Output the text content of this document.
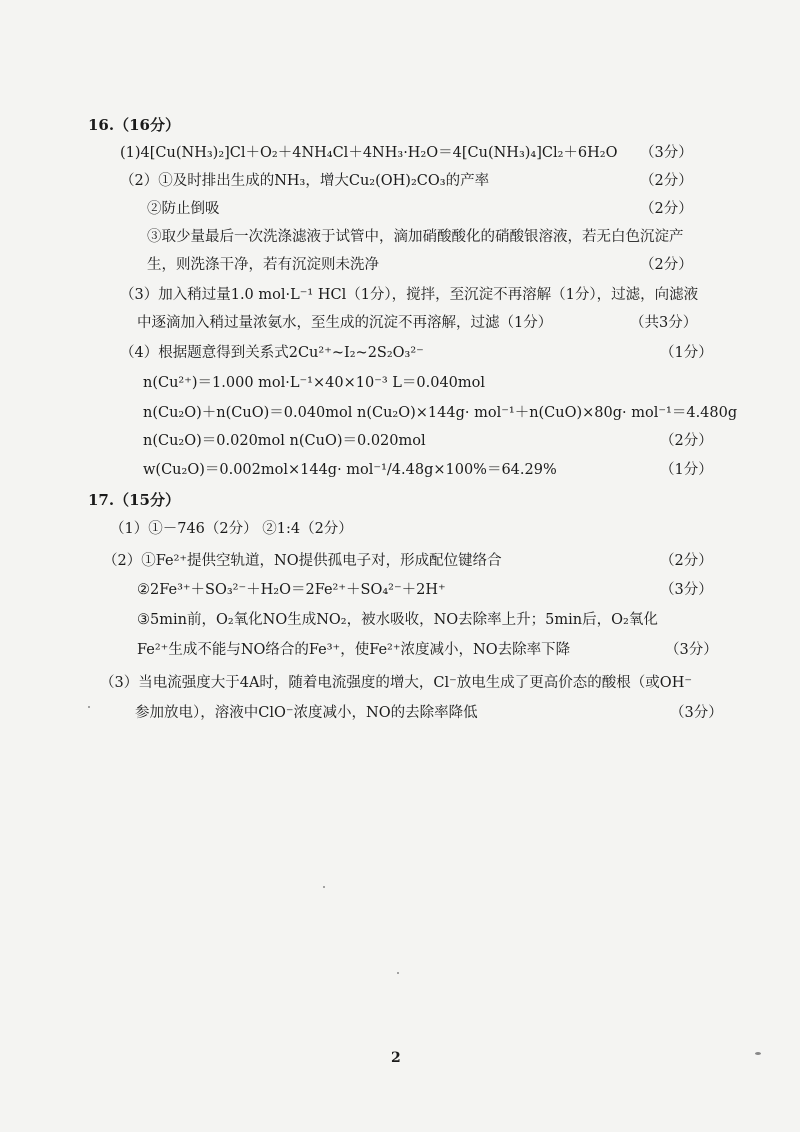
16.（16分）
(1)4[Cu(NH₃)₂]Cl＋O₂＋4NH₄Cl＋4NH₃·H₂O＝4[Cu(NH₃)₄]Cl₂＋6H₂O （3分）
（2）①及时排出生成的NH₃，增大Cu₂(OH)₂CO₃的产率	（2分）
②防止倒吸	（2分）
③取少量最后一次洗涤滤液于试管中，滴加硝酸酸化的硝酸银溶液，若无白色沉淀产
生，则洗涤干净，若有沉淀则未洗净	（2分）
（3）加入稍过量1.0 mol·L⁻¹ HCl（1分），搅拌，至沉淀不再溶解（1分），过滤，向滤液
中逐滴加入稍过量浓氨水，至生成的沉淀不再溶解，过滤（1分）	（共3分）
（4）根据题意得到关系式2Cu²⁺~I₂~2S₂O₃²⁻	（1分）
n(Cu²⁺)＝1.000 mol·L⁻¹×40×10⁻³ L＝0.040mol
n(Cu₂O)＋n(CuO)＝0.040mol n(Cu₂O)×144g· mol⁻¹＋n(CuO)×80g· mol⁻¹＝4.480g
n(Cu₂O)＝0.020mol n(CuO)＝0.020mol	（2分）
w(Cu₂O)＝0.002mol×144g· mol⁻¹/4.48g×100%＝64.29%	（1分）
17.（15分）
（1）①－746（2分） ②1:4（2分）
（2）①Fe²⁺提供空轨道，NO提供孤电子对，形成配位键络合	（2分）
②2Fe³⁺＋SO₃²⁻＋H₂O＝2Fe²⁺＋SO₄²⁻＋2H⁺	（3分）
③5min前，O₂氧化NO生成NO₂，被水吸收，NO去除率上升；5min后，O₂氧化
Fe²⁺生成不能与NO络合的Fe³⁺，使Fe²⁺浓度减小，NO去除率下降	（3分）
（3）当电流强度大于4A时，随着电流强度的增大，Cl⁻放电生成了更高价态的酸根（或OH⁻
参加放电），溶液中ClO⁻浓度减小，NO的去除率降低	（3分）
2
